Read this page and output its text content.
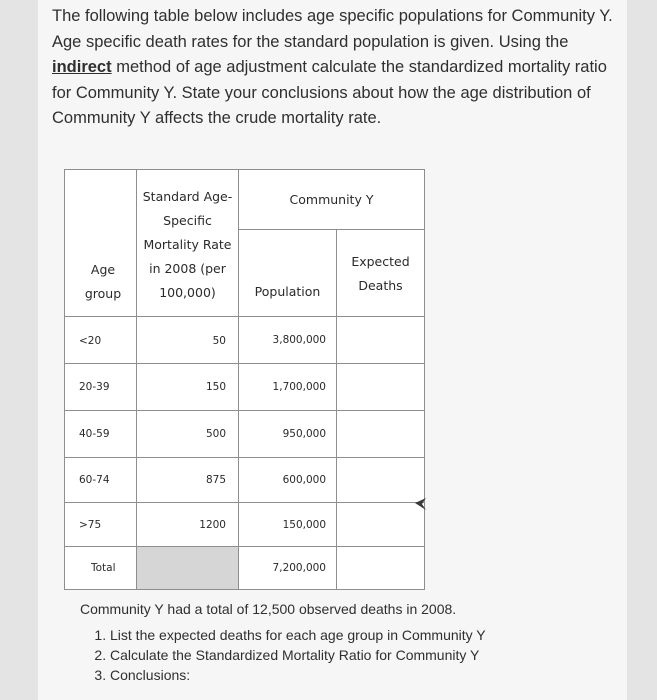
The following table below includes age specific populations for Community Y. Age specific death rates for the standard population is given. Using the indirect method of age adjustment calculate the standardized mortality ratio for Community Y. State your conclusions about how the age distribution of Community Y affects the crude mortality rate.
Age group	Standard Age-Specific Mortality Rate in 2008 (per 100,000)	Community Y	
		Population	Expected Deaths

<20	50	3,800,000	
20-39	150	1,700,000	
40-59	500	950,000	
60-74	875	600,000	
>75	1200	150,000	
Total		7,200,000	

Community Y had a total of 12,500 observed deaths in 2008.

1. List the expected deaths for each age group in Community Y
2. Calculate the Standardized Mortality Ratio for Community Y
3. Conclusions:
